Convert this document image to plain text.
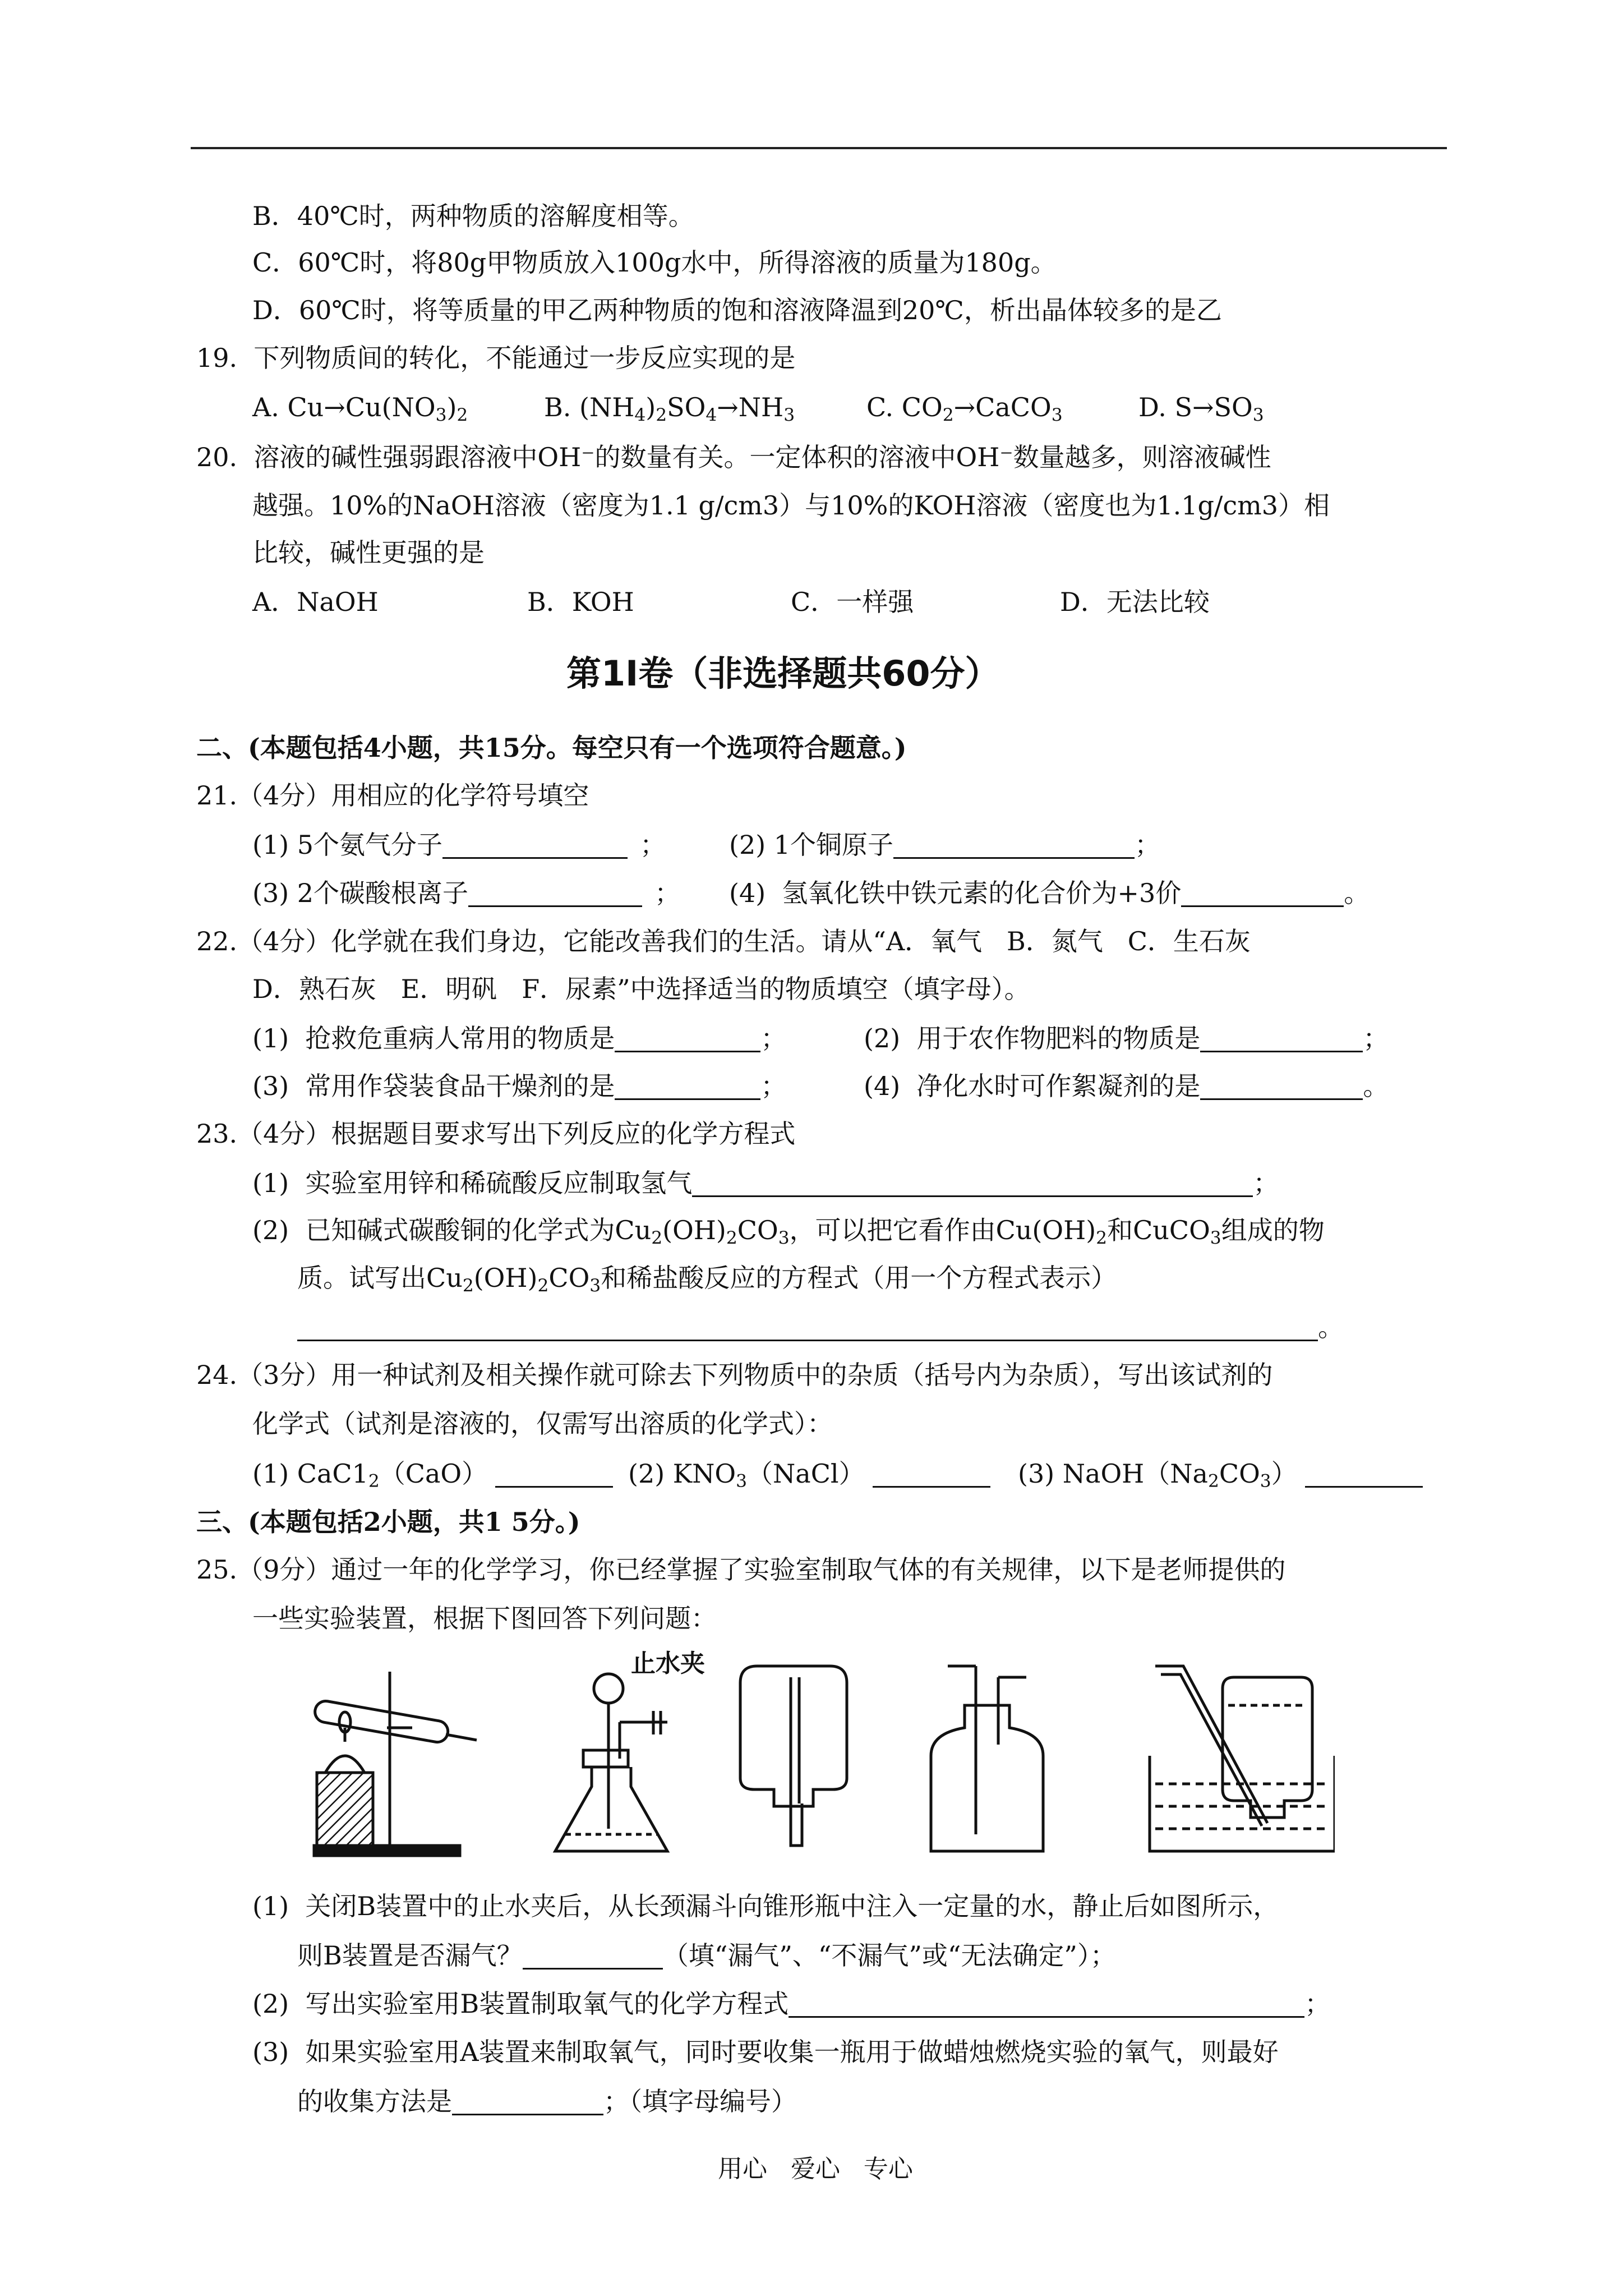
B．40℃时，两种物质的溶解度相等。
C．60℃时，将80g甲物质放入100g水中，所得溶液的质量为180g。
D．60℃时，将等质量的甲乙两种物质的饱和溶液降温到20℃，析出晶体较多的是乙
19.  下列物质间的转化，不能通过一步反应实现的是
A. $Cu\to Cu(NO_3)_2$	B. $(NH_4)_2SO_4\to NH_3$	C. $CO_2\to CaCO_3$	D. $S\to SO_3$
20.  溶液的碱性强弱跟溶液中OH⁻的数量有关。一定体积的溶液中OH⁻数量越多，则溶液碱性
越强。10%的NaOH溶液（密度为1.1 g/cm3）与10%的KOH溶液（密度也为1.1g/cm3）相
比较，碱性更强的是
A．NaOH	B．KOH	C．一样强	D．无法比较
第1I卷（非选择题共60分）
二、(本题包括4小题，共15分。每空只有一个选项符合题意。)
21.（4分）用相应的化学符号填空
(1) 5个氨气分子	； (2) 1个铜原子	；
(3) 2个碳酸根离子	； (4)  氢氧化铁中铁元素的化合价为+3价	。
22.（4分）化学就在我们身边，它能改善我们的生活。请从“A．氧气   B．氮气   C．生石灰
D．熟石灰   E．明矾   F．尿素”中选择适当的物质填空（填字母）。
(1)  抢救危重病人常用的物质是	；	(2)  用于农作物肥料的物质是	；
(3)  常用作袋装食品干燥剂的是	；	(4)  净化水时可作絮凝剂的是	。
23.（4分）根据题目要求写出下列反应的化学方程式
(1)  实验室用锌和稀硫酸反应制取氢气	；
(2)  已知碱式碳酸铜的化学式为$Cu_2(OH)_2CO_3$，可以把它看作由$Cu(OH)_2$和CuCO$_3$组成的物
质。试写出$Cu_2(OH)_2CO_3$和稀盐酸反应的方程式（用一个方程式表示）
。
24.（3分）用一种试剂及相关操作就可除去下列物质中的杂质（括号内为杂质），写出该试剂的
化学式（试剂是溶液的，仅需写出溶质的化学式）：
(1) $CaC1_2(CaO)$	(2) $KNO_3(NaCl)$	(3) $NaOH(Na_2CO_3)$
三、(本题包括2小题，共1 5分。)
25.（9分）通过一年的化学学习，你已经掌握了实验室制取气体的有关规律，以下是老师提供的
一些实验装置，根据下图回答下列问题：
止水夹
(1)  关闭B装置中的止水夹后，从长颈漏斗向锥形瓶中注入一定量的水，静止后如图所示，
则B装置是否漏气？	（填“漏气”、“不漏气”或“无法确定”）；
(2)  写出实验室用B装置制取氧气的化学方程式	；
(3)  如果实验室用A装置来制取氧气，同时要收集一瓶用于做蜡烛燃烧实验的氧气，则最好
的收集方法是	；（填字母编号）
用心   爱心   专心
